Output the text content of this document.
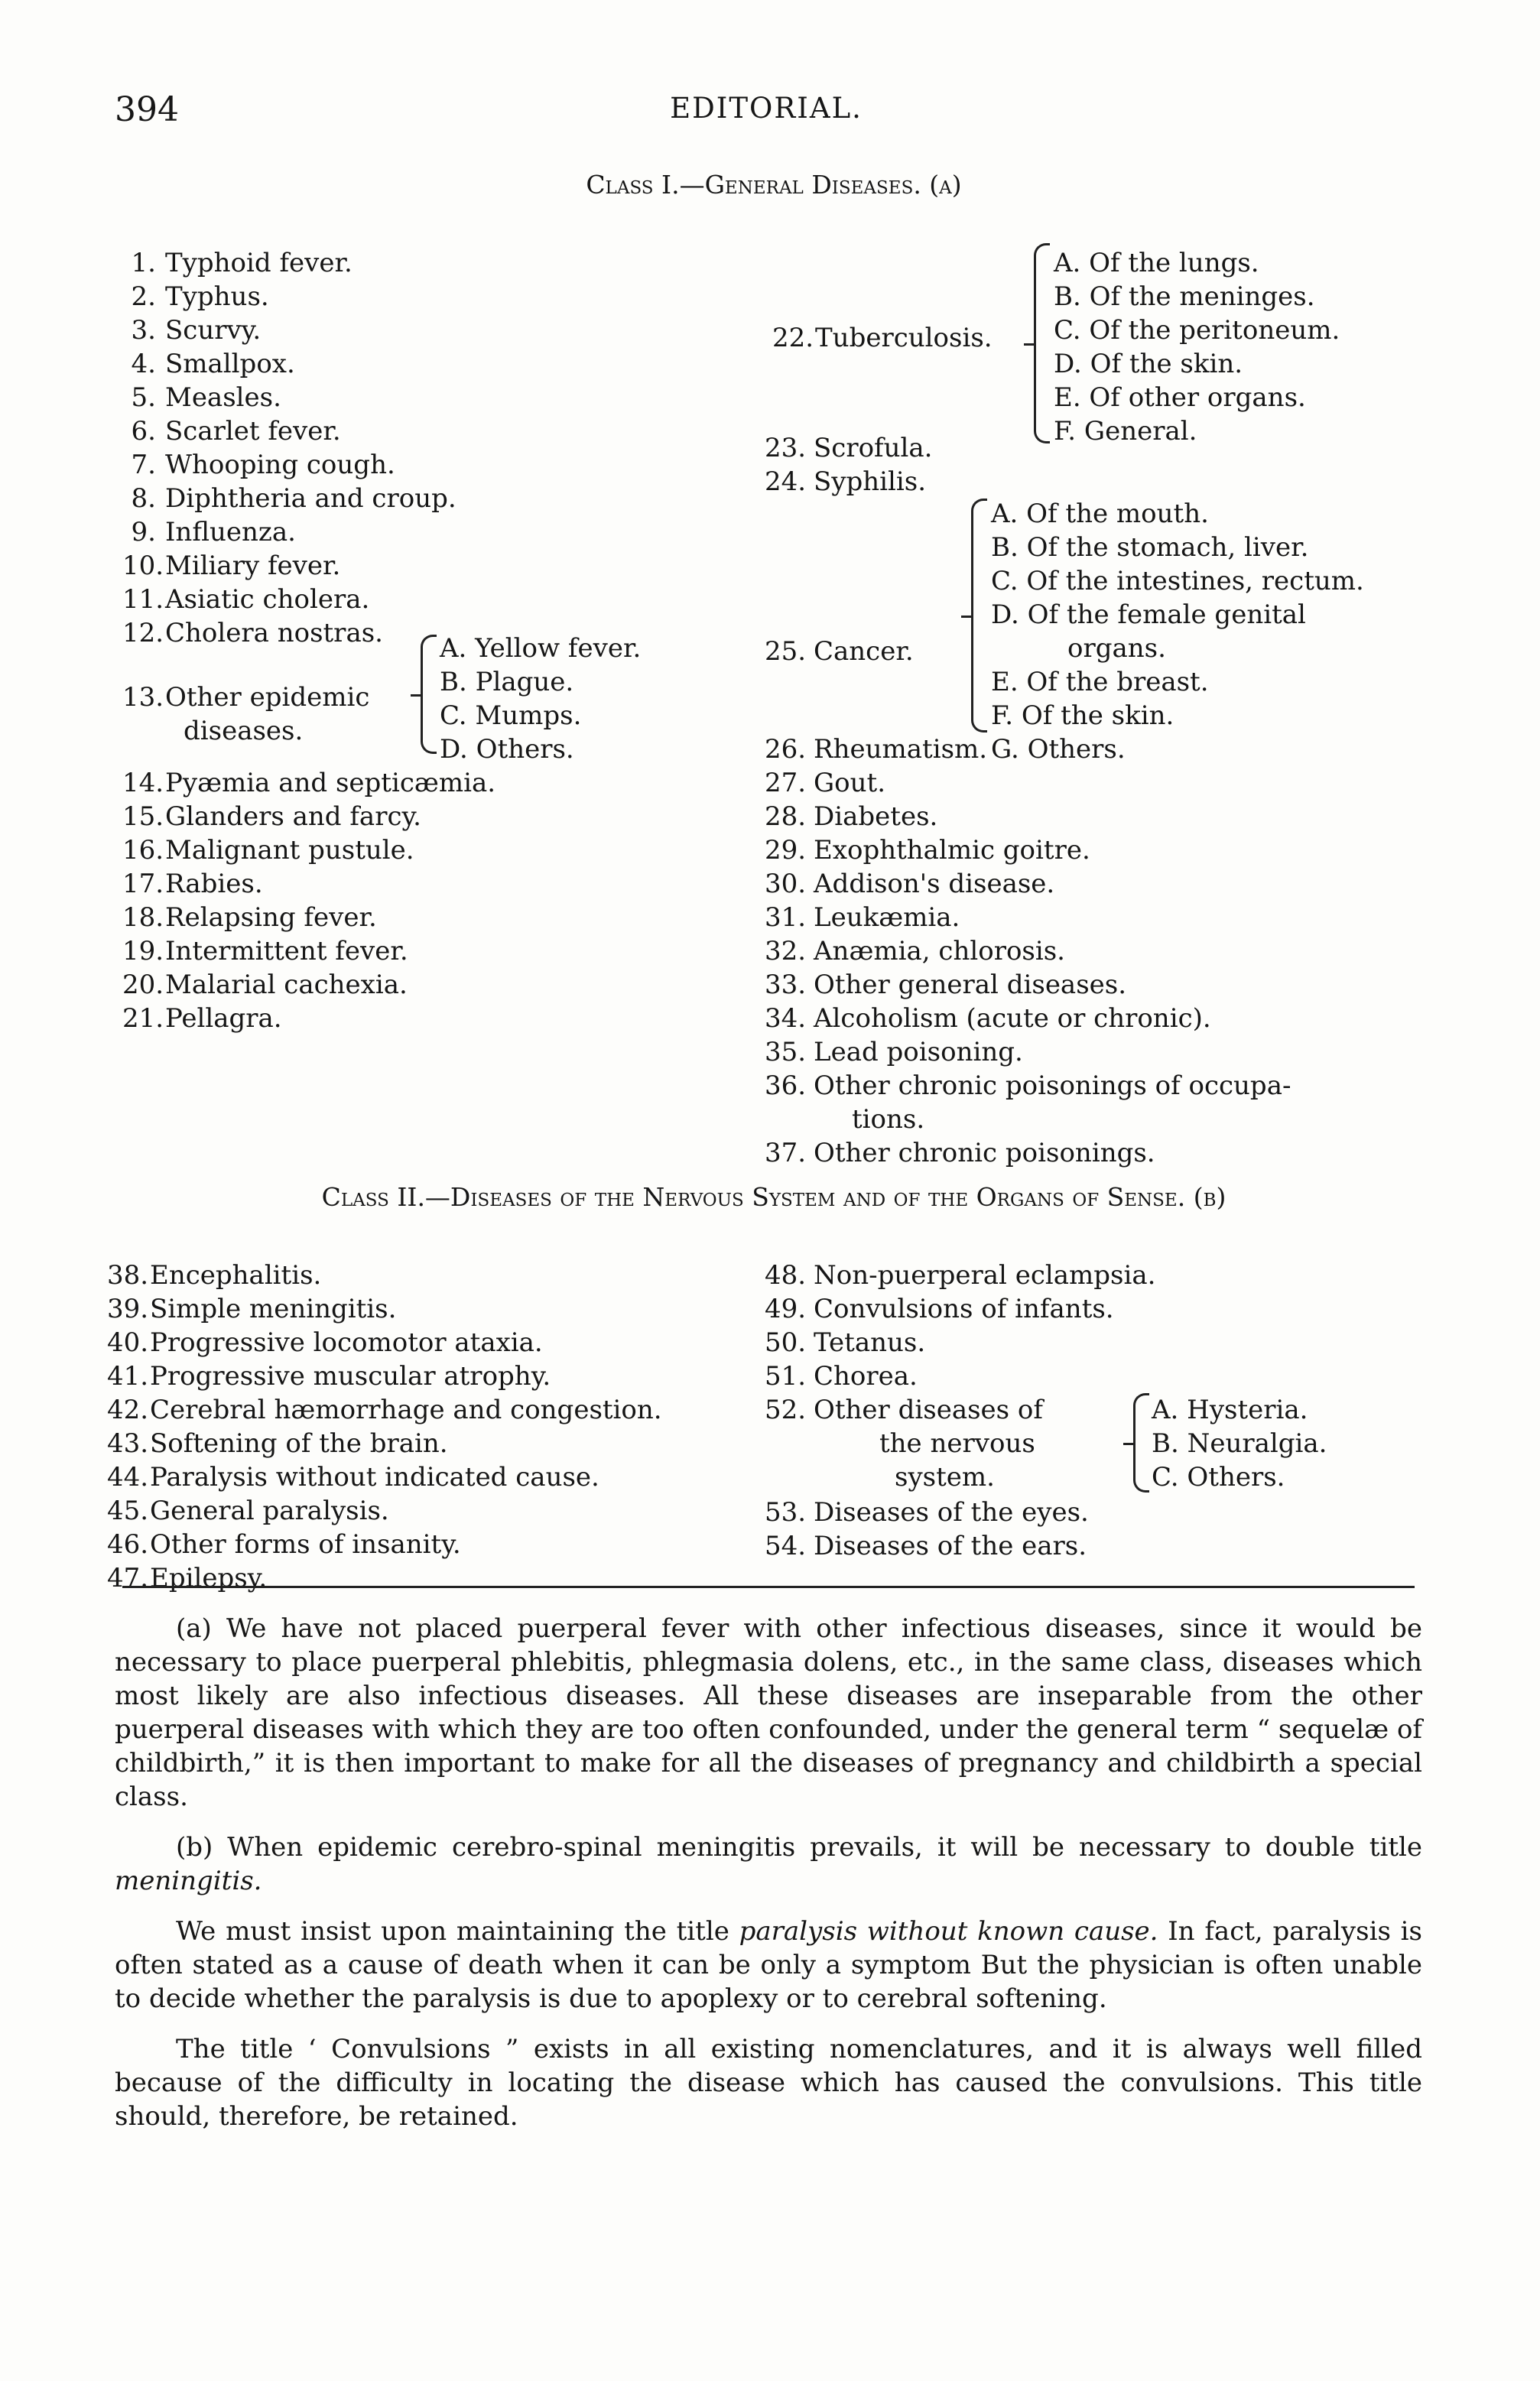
394	EDITORIAL.
Class I.—General Diseases. (a)
1. Typhoid fever.
2. Typhus.
3. Scurvy.
4. Smallpox.
5. Measles.
6. Scarlet fever.
7. Whooping cough.
8. Diphtheria and croup.
9. Influenza.
10.Miliary fever.
11.Asiatic cholera.
12.Cholera nostras.
13.Other epidemic
diseases.
A. Yellow fever.
B. Plague.
C. Mumps.
D. Others.
14.Pyæmia and septicæmia.
15.Glanders and farcy.
16.Malignant pustule.
17.Rabies.
18.Relapsing fever.
19.Intermittent fever.
20.Malarial cachexia.
21.Pellagra.
22.Tuberculosis.
A. Of the lungs.
B. Of the meninges.
C. Of the peritoneum.
D. Of the skin.
E. Of other organs.
F. General.
23. Scrofula.
24. Syphilis.
25. Cancer.
A. Of the mouth.
B. Of the stomach, liver.
C. Of the intestines, rectum.
D. Of the female genital
organs.
E. Of the breast.
F. Of the skin.
G. Others.
26. Rheumatism.
27. Gout.
28. Diabetes.
29. Exophthalmic goitre.
30. Addison's disease.
31. Leukæmia.
32. Anæmia, chlorosis.
33. Other general diseases.
34. Alcoholism (acute or chronic).
35. Lead poisoning.
36. Other chronic poisonings of occupa-
tions.
37. Other chronic poisonings.
Class II.—Diseases of the Nervous System and of the Organs of Sense. (b)
38.Encephalitis.
39.Simple meningitis.
40.Progressive locomotor ataxia.
41.Progressive muscular atrophy.
42.Cerebral hæmorrhage and congestion.
43.Softening of the brain.
44.Paralysis without indicated cause.
45.General paralysis.
46.Other forms of insanity.
47.Epilepsy.
48. Non-puerperal eclampsia.
49. Convulsions of infants.
50. Tetanus.
51. Chorea.
52. Other diseases of
the nervous
system.
A. Hysteria.
B. Neuralgia.
C. Others.
53. Diseases of the eyes.
54. Diseases of the ears.

(a) We have not placed puerperal fever with other infectious diseases, since it would be necessary to place puerperal phlebitis, phlegmasia dolens, etc., in the same class, diseases which most likely are also infectious diseases. All these diseases are inseparable from the other puerperal diseases with which they are too often confounded, under the general term “ sequelæ of childbirth,” it is then important to make for all the diseases of pregnancy and childbirth a special class.

(b) When epidemic cerebro-spinal meningitis prevails, it will be necessary to double title meningitis.

We must insist upon maintaining the title paralysis without known cause. In fact, paralysis is often stated as a cause of death when it can be only a symptom But the physician is often unable to decide whether the paralysis is due to apoplexy or to cerebral softening.

The title ‘ Convulsions ” exists in all existing nomenclatures, and it is always well filled because of the difficulty in locating the disease which has caused the convulsions. This title should, therefore, be retained.
